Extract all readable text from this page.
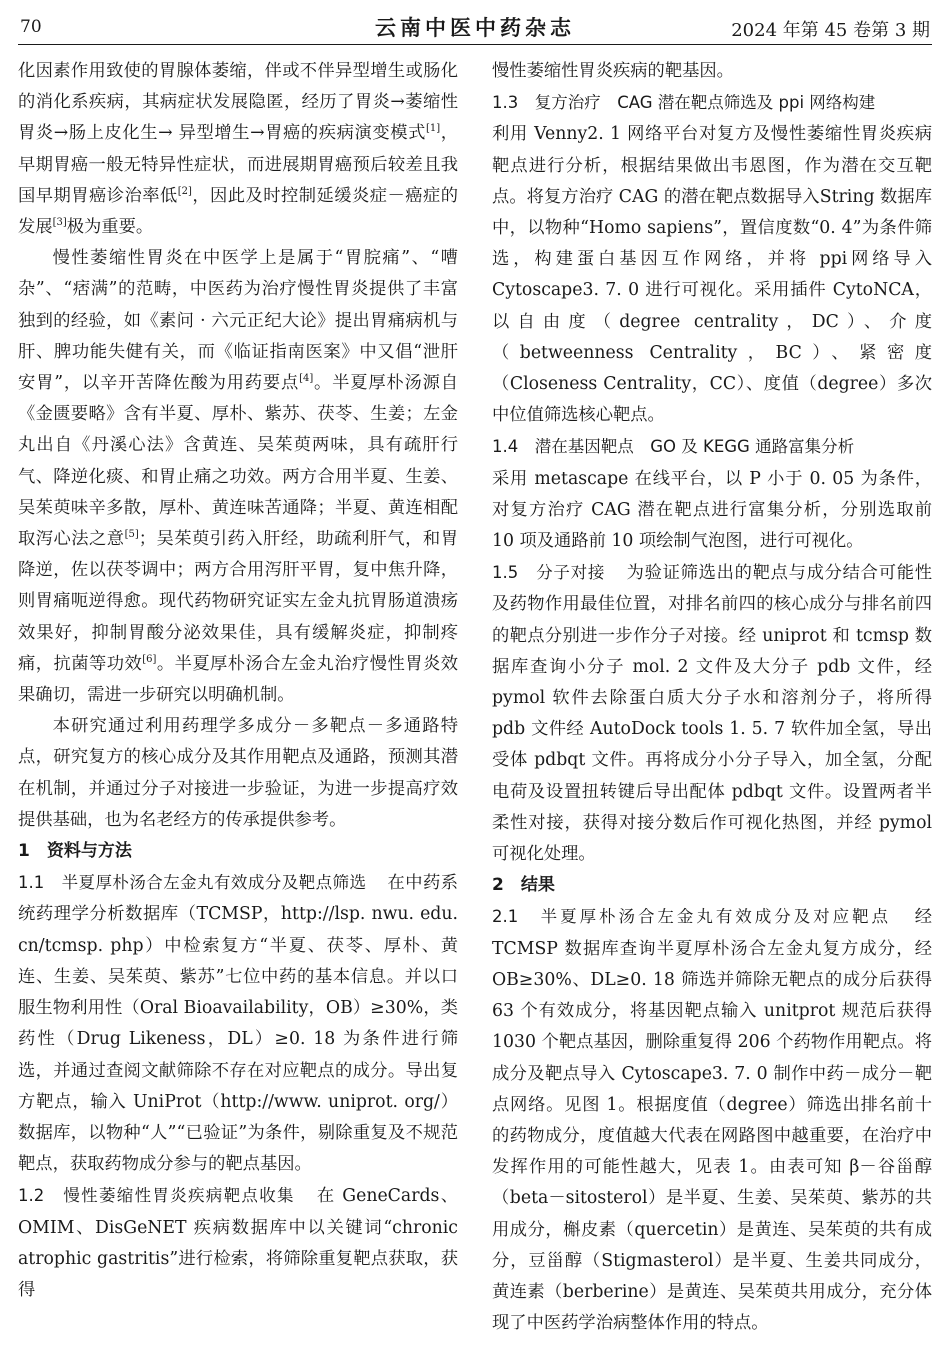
70	云南中医中药杂志	2024 年第 45 卷第 3 期

化因素作用致使的胃腺体萎缩，伴或不伴异型增生或肠化的消化系疾病，其病症状发展隐匿，经历了胃炎→萎缩性胃炎→肠上皮化生→ 异型增生→胃癌的疾病演变模式[1]，早期胃癌一般无特异性症状，而进展期胃癌预后较差且我国早期胃癌诊治率低[2]，因此及时控制延缓炎症－癌症的发展[3]极为重要。

慢性萎缩性胃炎在中医学上是属于“胃脘痛”、“嘈杂”、“痞满”的范畴，中医药为治疗慢性胃炎提供了丰富独到的经验，如《素问 · 六元正纪大论》提出胃痛病机与肝、脾功能失健有关，而《临证指南医案》中又倡“泄肝安胃”，以辛开苦降佐酸为用药要点[4]。半夏厚朴汤源自《金匮要略》含有半夏、厚朴、紫苏、茯苓、生姜；左金丸出自《丹溪心法》含黄连、吴茱萸两味，具有疏肝行气、降逆化痰、和胃止痛之功效。两方合用半夏、生姜、吴茱萸味辛多散，厚朴、黄连味苦通降；半夏、黄连相配取泻心法之意[5]；吴茱萸引药入肝经，助疏利肝气，和胃降逆，佐以茯苓调中；两方合用泻肝平胃，复中焦升降，则胃痛呃逆得愈。现代药物研究证实左金丸抗胃肠道溃疡效果好，抑制胃酸分泌效果佳，具有缓解炎症，抑制疼痛，抗菌等功效[6]。半夏厚朴汤合左金丸治疗慢性胃炎效果确切，需进一步研究以明确机制。

本研究通过利用药理学多成分－多靶点－多通路特点，研究复方的核心成分及其作用靶点及通路，预测其潜在机制，并通过分子对接进一步验证，为进一步提高疗效提供基础，也为名老经方的传承提供参考。

1　资料与方法

1.1　半夏厚朴汤合左金丸有效成分及靶点筛选 在中药系统药理学分析数据库（TCMSP，http://lsp. nwu. edu. cn/tcmsp. php）中检索复方“半夏、茯苓、厚朴、黄连、生姜、吴茱萸、紫苏”七位中药的基本信息。并以口服生物利用性（Oral Bioavailability，OB）≥30%，类药性（Drug Likeness，DL）≥0. 18 为条件进行筛选，并通过查阅文献筛除不存在对应靶点的成分。导出复方靶点，输入 UniProt（http://www. uniprot. org/）数据库，以物种“人”“已验证”为条件，剔除重复及不规范靶点，获取药物成分参与的靶点基因。

1.2　慢性萎缩性胃炎疾病靶点收集 在 GeneCards、OMIM、DisGeNET 疾病数据库中以关键词“chronic atrophic gastritis”进行检索，将筛除重复靶点获取，获得

慢性萎缩性胃炎疾病的靶基因。

1.3　复方治疗　CAG 潜在靶点筛选及 ppi 网络构建
利用 Venny2. 1 网络平台对复方及慢性萎缩性胃炎疾病靶点进行分析，根据结果做出韦恩图，作为潜在交互靶点。将复方治疗 CAG 的潜在靶点数据导入String 数据库中，以物种“Homo sapiens”，置信度数“0. 4”为条件筛选，构建蛋白基因互作网络，并将 ppi网络导入 Cytoscape3. 7. 0 进行可视化。采用插件 CytoNCA，以自由度（degree centrality，DC）、介度（betweenness Centrality，BC）、紧密度（Closeness Centrality，CC）、度值（degree）多次中位值筛选核心靶点。

1.4　潜在基因靶点　GO 及 KEGG 通路富集分析
采用 metascape 在线平台，以 P 小于 0. 05 为条件，对复方治疗 CAG 潜在靶点进行富集分析，分别选取前 10 项及通路前 10 项绘制气泡图，进行可视化。

1.5　分子对接 为验证筛选出的靶点与成分结合可能性及药物作用最佳位置，对排名前四的核心成分与排名前四的靶点分别进一步作分子对接。经 uniprot 和 tcmsp 数据库查询小分子 mol. 2 文件及大分子 pdb 文件，经 pymol 软件去除蛋白质大分子水和溶剂分子，将所得 pdb 文件经 AutoDock tools 1. 5. 7 软件加全氢，导出受体 pdbqt 文件。再将成分小分子导入，加全氢，分配电荷及设置扭转键后导出配体 pdbqt 文件。设置两者半柔性对接，获得对接分数后作可视化热图，并经 pymol 可视化处理。

2　结果

2.1　半夏厚朴汤合左金丸有效成分及对应靶点 经 TCMSP 数据库查询半夏厚朴汤合左金丸复方成分，经 OB≥30%、DL≥0. 18 筛选并筛除无靶点的成分后获得 63 个有效成分，将基因靶点输入 unitprot 规范后获得 1030 个靶点基因，删除重复得 206 个药物作用靶点。将成分及靶点导入 Cytoscape3. 7. 0 制作中药－成分－靶点网络。见图 1。根据度值（degree）筛选出排名前十的药物成分，度值越大代表在网路图中越重要，在治疗中发挥作用的可能性越大，见表 1。由表可知 β－谷甾醇（beta－sitosterol）是半夏、生姜、吴茱萸、紫苏的共用成分，槲皮素（quercetin）是黄连、吴茱萸的共有成分，豆甾醇（Stigmasterol）是半夏、生姜共同成分，黄连素（berberine）是黄连、吴茱萸共用成分，充分体现了中医药学治病整体作用的特点。
